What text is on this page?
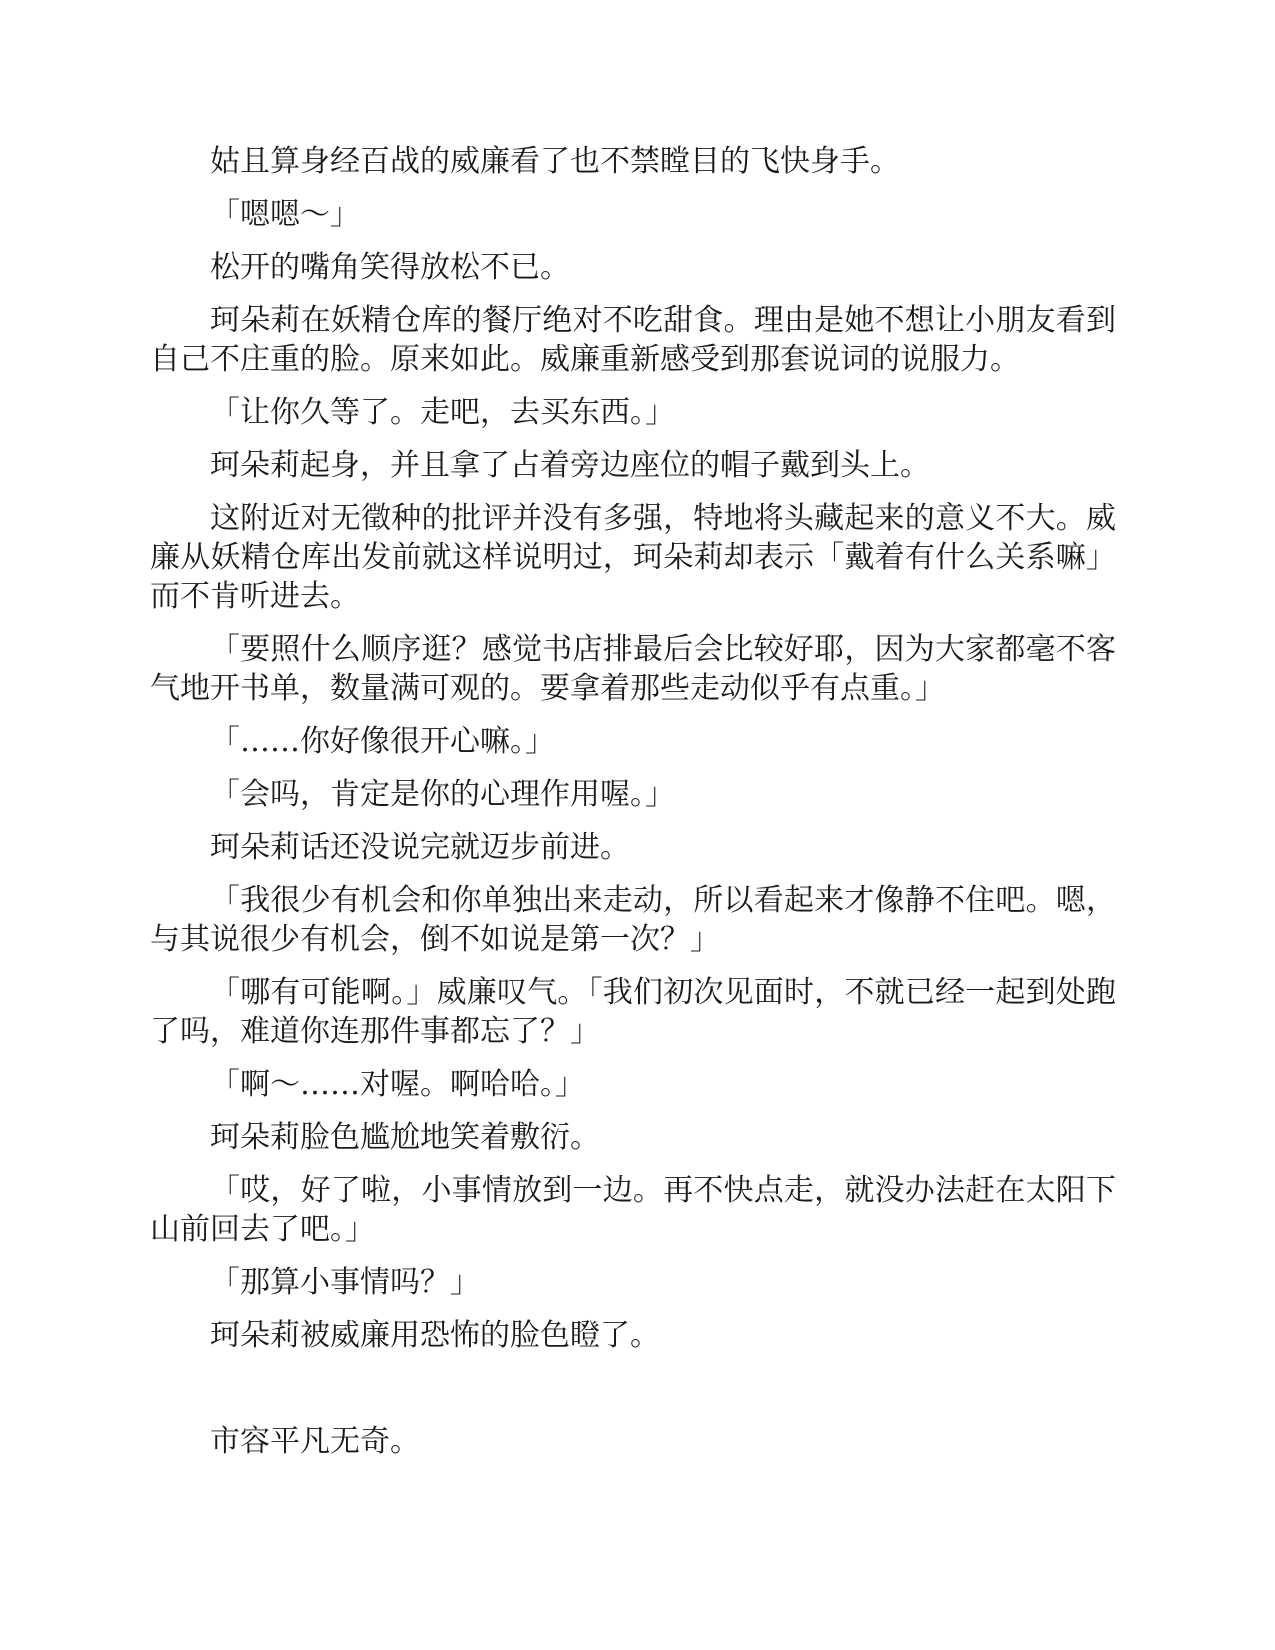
姑且算身经百战的威廉看了也不禁瞠目的飞快身手。

「嗯嗯～」

松开的嘴角笑得放松不已。

珂朵莉在妖精仓库的餐厅绝对不吃甜食。理由是她不想让小朋友看到自己不庄重的脸。原来如此。威廉重新感受到那套说词的说服力。

「让你久等了。走吧，去买东西。」

珂朵莉起身，并且拿了占着旁边座位的帽子戴到头上。

这附近对无徵种的批评并没有多强，特地将头藏起来的意义不大。威廉从妖精仓库出发前就这样说明过，珂朵莉却表示「戴着有什么关系嘛」而不肯听进去。

「要照什么顺序逛？感觉书店排最后会比较好耶，因为大家都毫不客气地开书单，数量满可观的。要拿着那些走动似乎有点重。」

「……你好像很开心嘛。」

「会吗，肯定是你的心理作用喔。」

珂朵莉话还没说完就迈步前进。

「我很少有机会和你单独出来走动，所以看起来才像静不住吧。嗯，与其说很少有机会，倒不如说是第一次？」

「哪有可能啊。」威廉叹气。「我们初次见面时，不就已经一起到处跑了吗，难道你连那件事都忘了？」

「啊～……对喔。啊哈哈。」

珂朵莉脸色尴尬地笑着敷衍。

「哎，好了啦，小事情放到一边。再不快点走，就没办法赶在太阳下山前回去了吧。」

「那算小事情吗？」

珂朵莉被威廉用恐怖的脸色瞪了。

市容平凡无奇。
